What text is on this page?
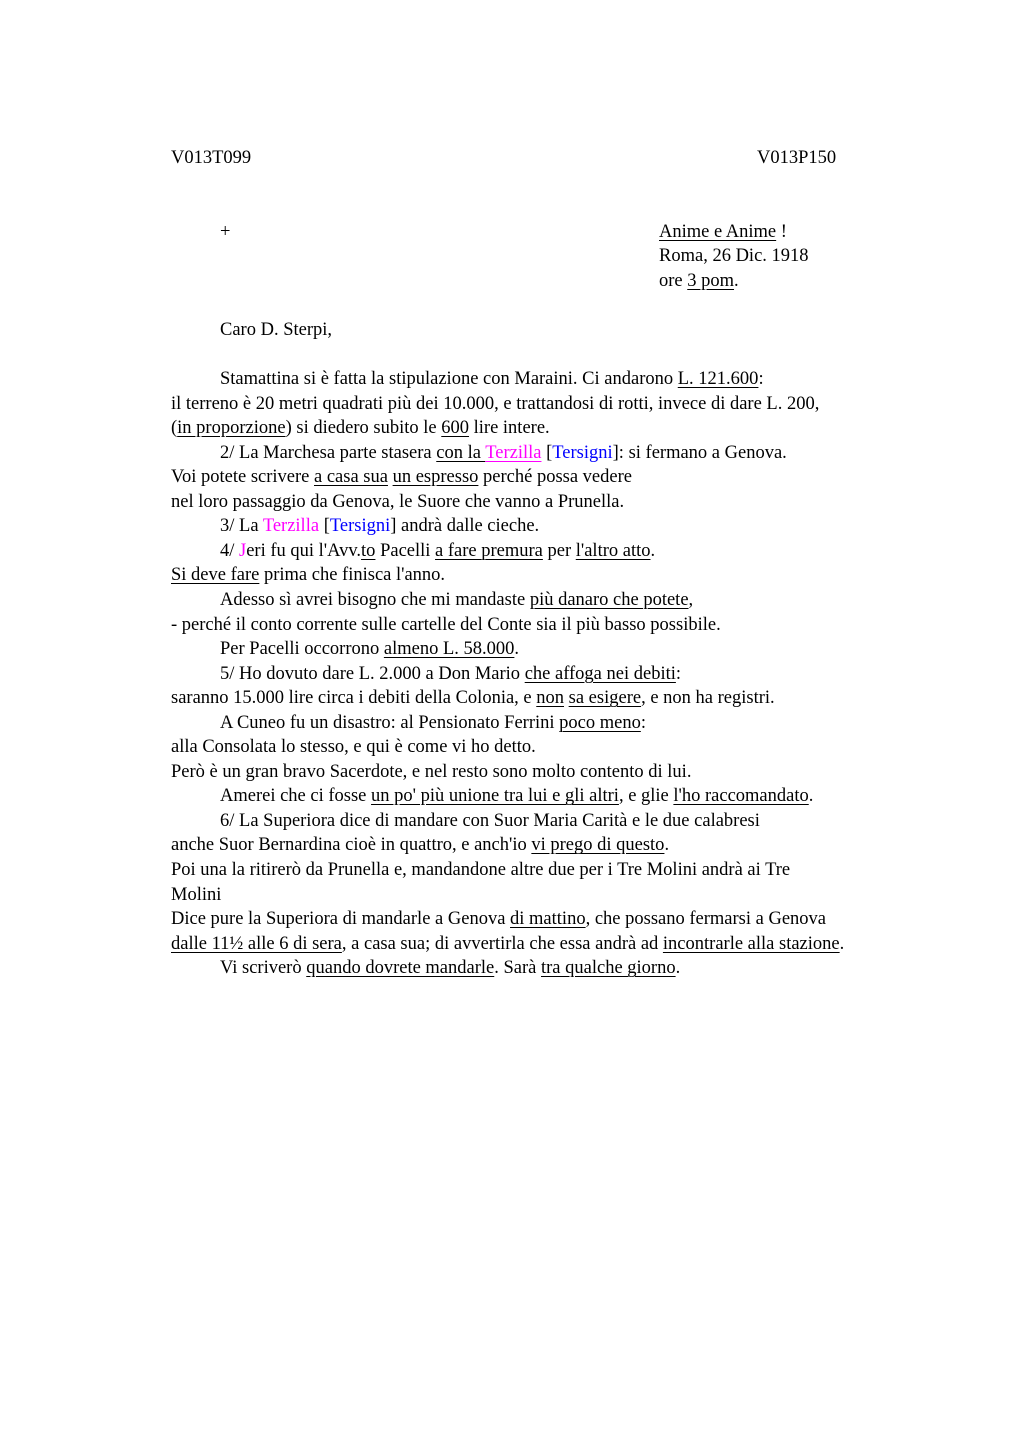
V013T099	V013P150
+	Anime e Anime !
Roma, 26 Dic. 1918
ore 3 pom.
Caro D. Sterpi,
Stamattina si è fatta la stipulazione con Maraini. Ci andarono L. 121.600:
il terreno è 20 metri quadrati più dei 10.000, e trattandosi di rotti, invece di dare L. 200,
(in proporzione) si diedero subito le 600 lire intere.
2/ La Marchesa parte stasera con la Terzilla [Tersigni]: si fermano a Genova.
Voi potete scrivere a casa sua un espresso perché possa vedere
nel loro passaggio da Genova, le Suore che vanno a Prunella.
3/ La Terzilla [Tersigni] andrà dalle cieche.
4/ Jeri fu qui l'Avv.to Pacelli a fare premura per l'altro atto.
Si deve fare prima che finisca l'anno.
Adesso sì avrei bisogno che mi mandaste più danaro che potete,
- perché il conto corrente sulle cartelle del Conte sia il più basso possibile.
Per Pacelli occorrono almeno L. 58.000.
5/ Ho dovuto dare L. 2.000 a Don Mario che affoga nei debiti:
saranno 15.000 lire circa i debiti della Colonia, e non sa esigere, e non ha registri.
A Cuneo fu un disastro: al Pensionato Ferrini poco meno:
alla Consolata lo stesso, e qui è come vi ho detto.
Però è un gran bravo Sacerdote, e nel resto sono molto contento di lui.
Amerei che ci fosse un po' più unione tra lui e gli altri, e glie l'ho raccomandato.
6/ La Superiora dice di mandare con Suor Maria Carità e le due calabresi
anche Suor Bernardina cioè in quattro, e anch'io vi prego di questo.
Poi una la ritirerò da Prunella e, mandandone altre due per i Tre Molini andrà ai Tre
Molini
Dice pure la Superiora di mandarle a Genova di mattino, che possano fermarsi a Genova
dalle 11½ alle 6 di sera, a casa sua; di avvertirla che essa andrà ad incontrarle alla stazione.
Vi scriverò quando dovrete mandarle. Sarà tra qualche giorno.
